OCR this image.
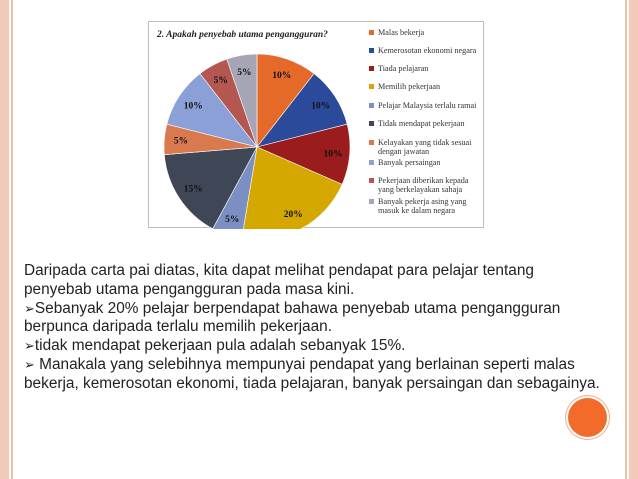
2. Apakah penyebab utama pengangguran?
10%
10%
10%
20%
5%
15%
5%
10%
5%
5%
Malas bekerja
Kemerosotan ekonomi negara
Tiada pelajaran
Memilih pekerjaan
Pelajar Malaysia terlalu ramai
Tidak mendapat pekerjaan
Kelayakan yang tidak sesuai dengan jawatan
Banyak persaingan
Pekerjaan diberikan kepada yang berkelayakan sahaja
Banyak pekerja asing yang masuk ke dalam negara

Daripada carta pai diatas, kita dapat melihat pendapat para pelajar tentang penyebab utama pengangguran pada masa kini.

➢Sebanyak 20% pelajar berpendapat bahawa penyebab utama pengangguran berpunca daripada terlalu memilih pekerjaan.

➢tidak mendapat pekerjaan pula adalah sebanyak 15%.

➢ Manakala yang selebihnya mempunyai pendapat yang berlainan seperti malas bekerja, kemerosotan ekonomi, tiada pelajaran, banyak persaingan dan sebagainya.
